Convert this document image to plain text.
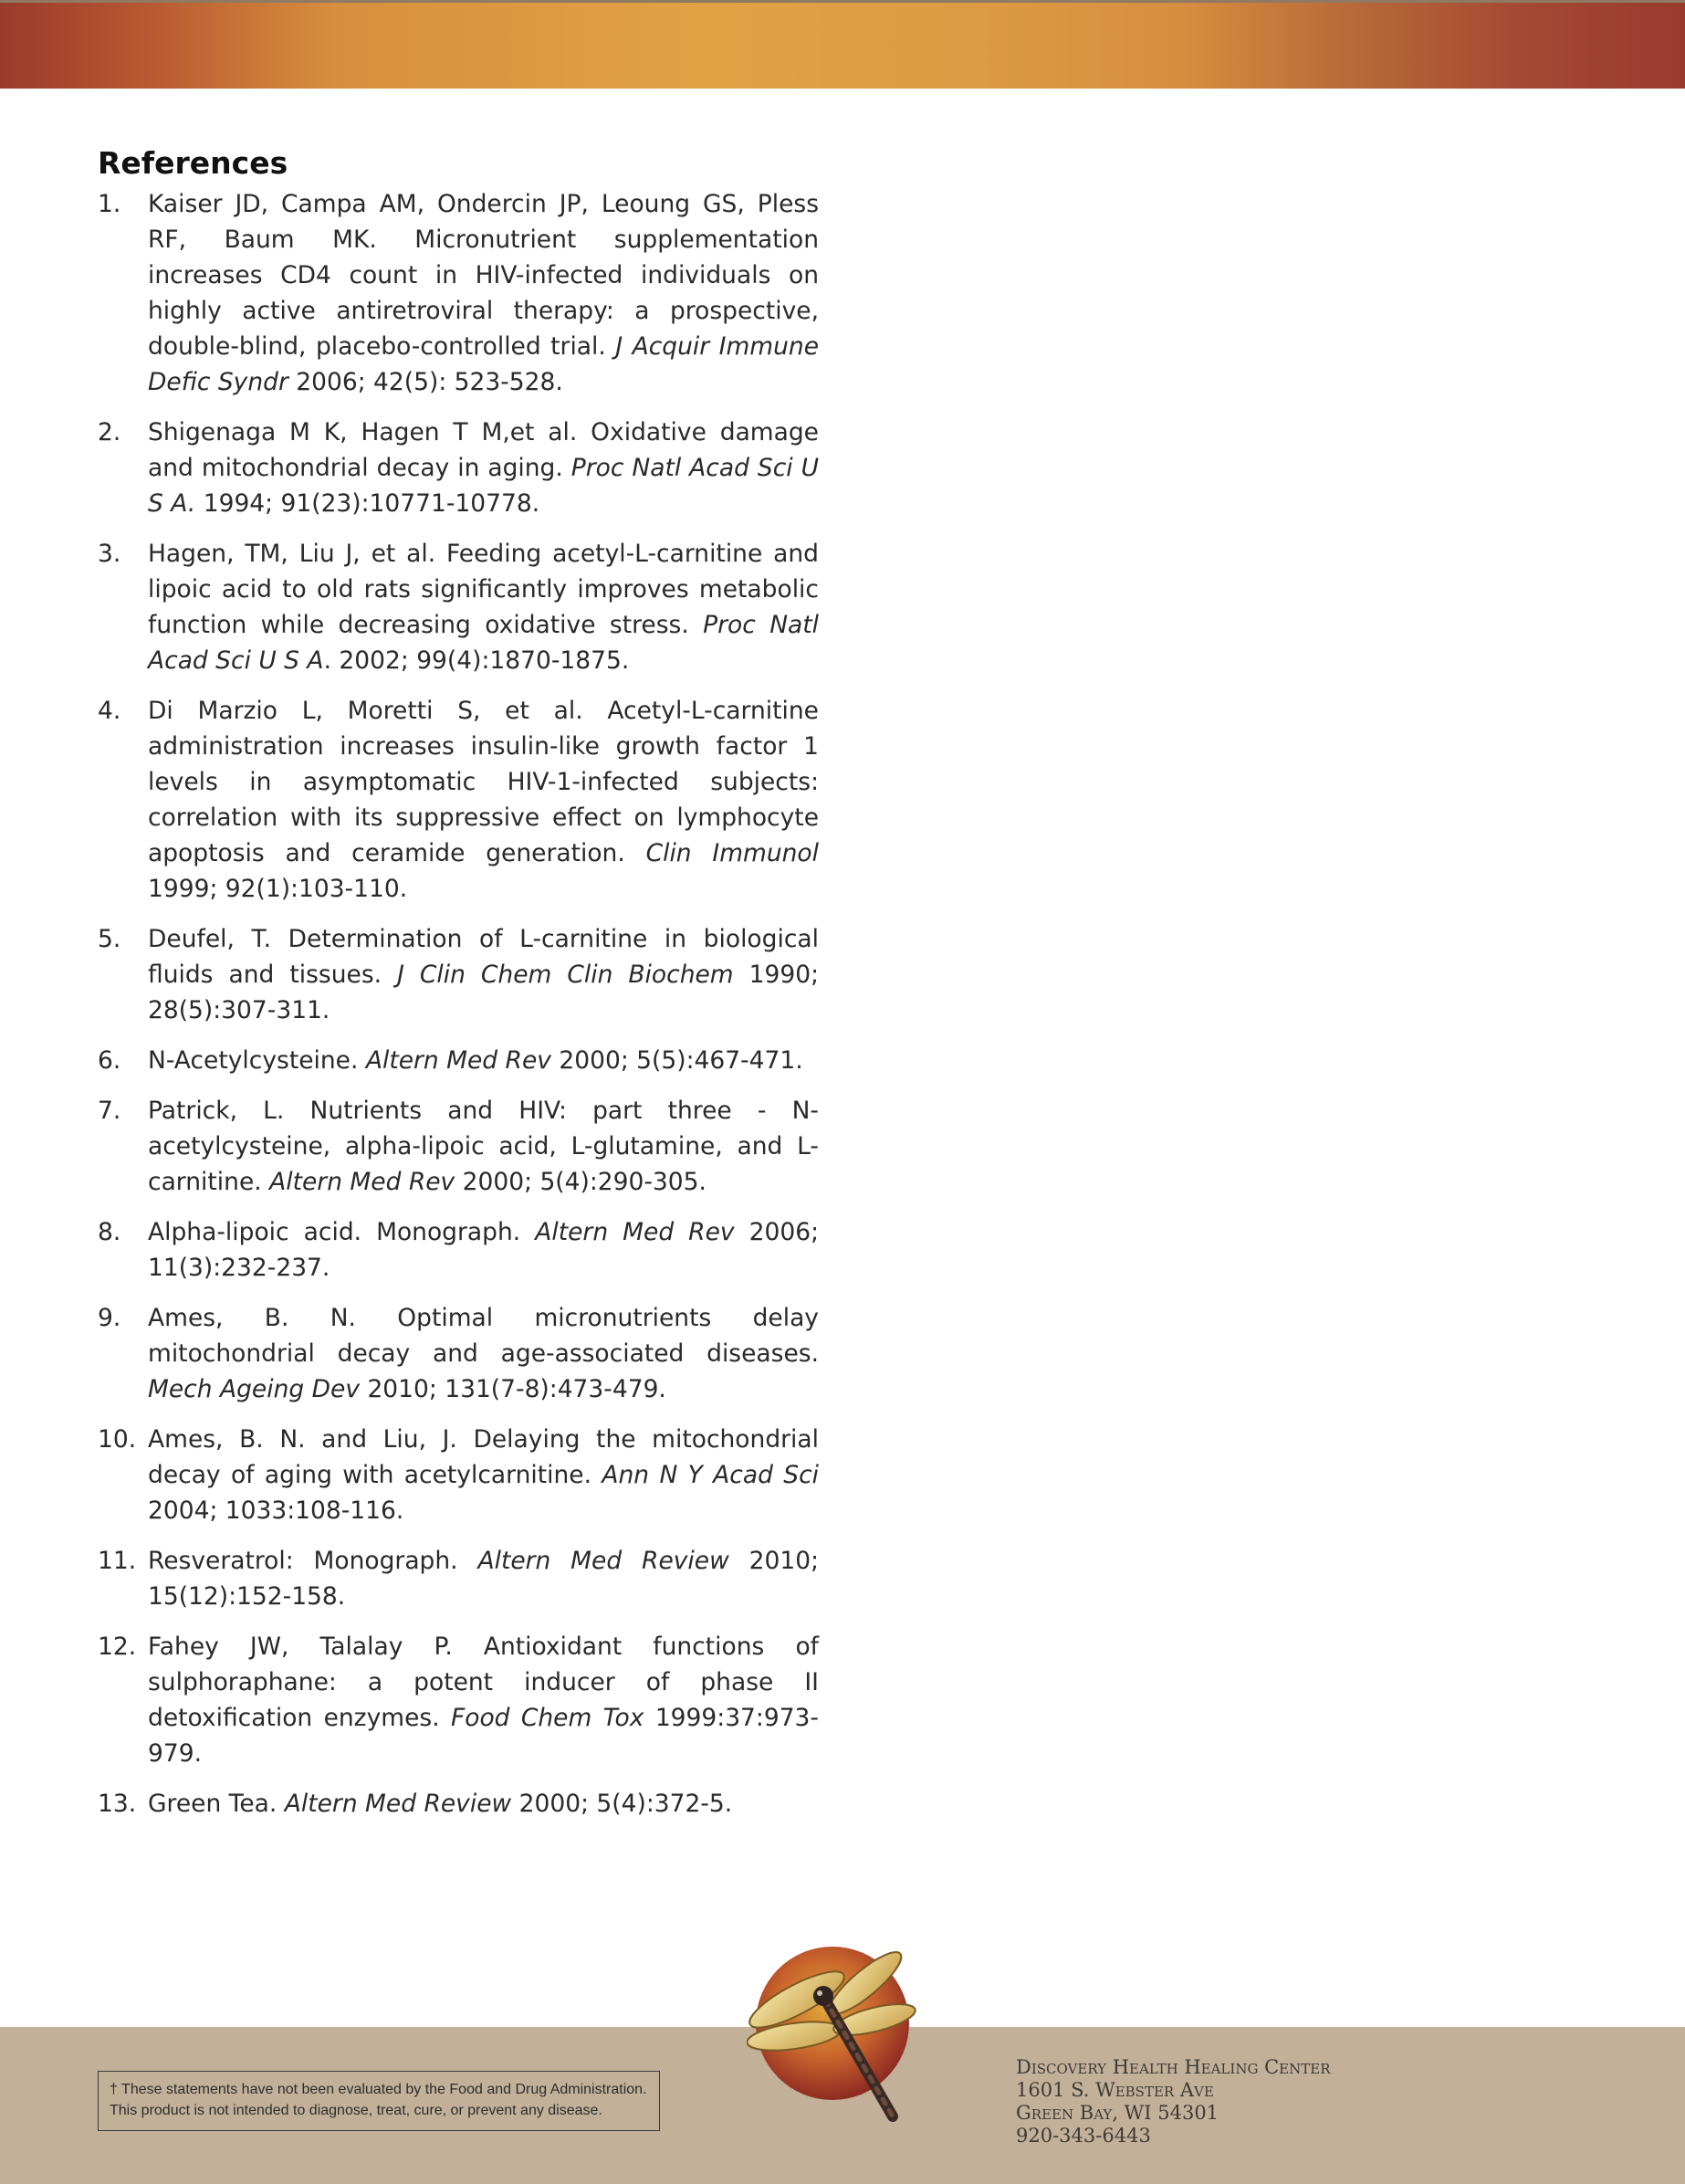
References
1. Kaiser JD, Campa AM, Ondercin JP, Leoung GS, Pless RF, Baum MK. Micronutrient supplementation increases CD4 count in HIV-infected individuals on highly active antiretroviral therapy: a prospective, double-blind, placebo-controlled trial. J Acquir Immune Defic Syndr 2006; 42(5): 523-528.
2. Shigenaga M K, Hagen T M,et al. Oxidative damage and mitochondrial decay in aging. Proc Natl Acad Sci U S A. 1994; 91(23):10771-10778.
3. Hagen, TM, Liu J, et al. Feeding acetyl-L-carnitine and lipoic acid to old rats significantly improves metabolic function while decreasing oxidative stress. Proc Natl Acad Sci U S A. 2002; 99(4):1870-1875.
4. Di Marzio L, Moretti S, et al. Acetyl-L-carnitine administration increases insulin-like growth factor 1 levels in asymptomatic HIV-1-infected subjects: correlation with its suppressive effect on lymphocyte apoptosis and ceramide generation. Clin Immunol 1999; 92(1):103-110.
5. Deufel, T. Determination of L-carnitine in biological fluids and tissues. J Clin Chem Clin Biochem 1990; 28(5):307-311.
6. N-Acetylcysteine. Altern Med Rev 2000; 5(5):467-471.
7. Patrick, L. Nutrients and HIV: part three - N-acetylcysteine, alpha-lipoic acid, L-glutamine, and L-carnitine. Altern Med Rev 2000; 5(4):290-305.
8. Alpha-lipoic acid. Monograph. Altern Med Rev 2006; 11(3):232-237.
9. Ames, B. N. Optimal micronutrients delay mitochondrial decay and age-associated diseases. Mech Ageing Dev 2010; 131(7-8):473-479.
10. Ames, B. N. and Liu, J. Delaying the mitochondrial decay of aging with acetylcarnitine. Ann N Y Acad Sci 2004; 1033:108-116.
11. Resveratrol: Monograph. Altern Med Review 2010; 15(12):152-158.
12. Fahey JW, Talalay P. Antioxidant functions of sulphoraphane: a potent inducer of phase II detoxification enzymes. Food Chem Tox 1999:37:973-979.
13. Green Tea. Altern Med Review 2000; 5(4):372-5.
† These statements have not been evaluated by the Food and Drug Administration.
This product is not intended to diagnose, treat, cure, or prevent any disease.
Discovery Health Healing Center
1601 S. Webster Ave
Green Bay, WI 54301
920-343-6443
